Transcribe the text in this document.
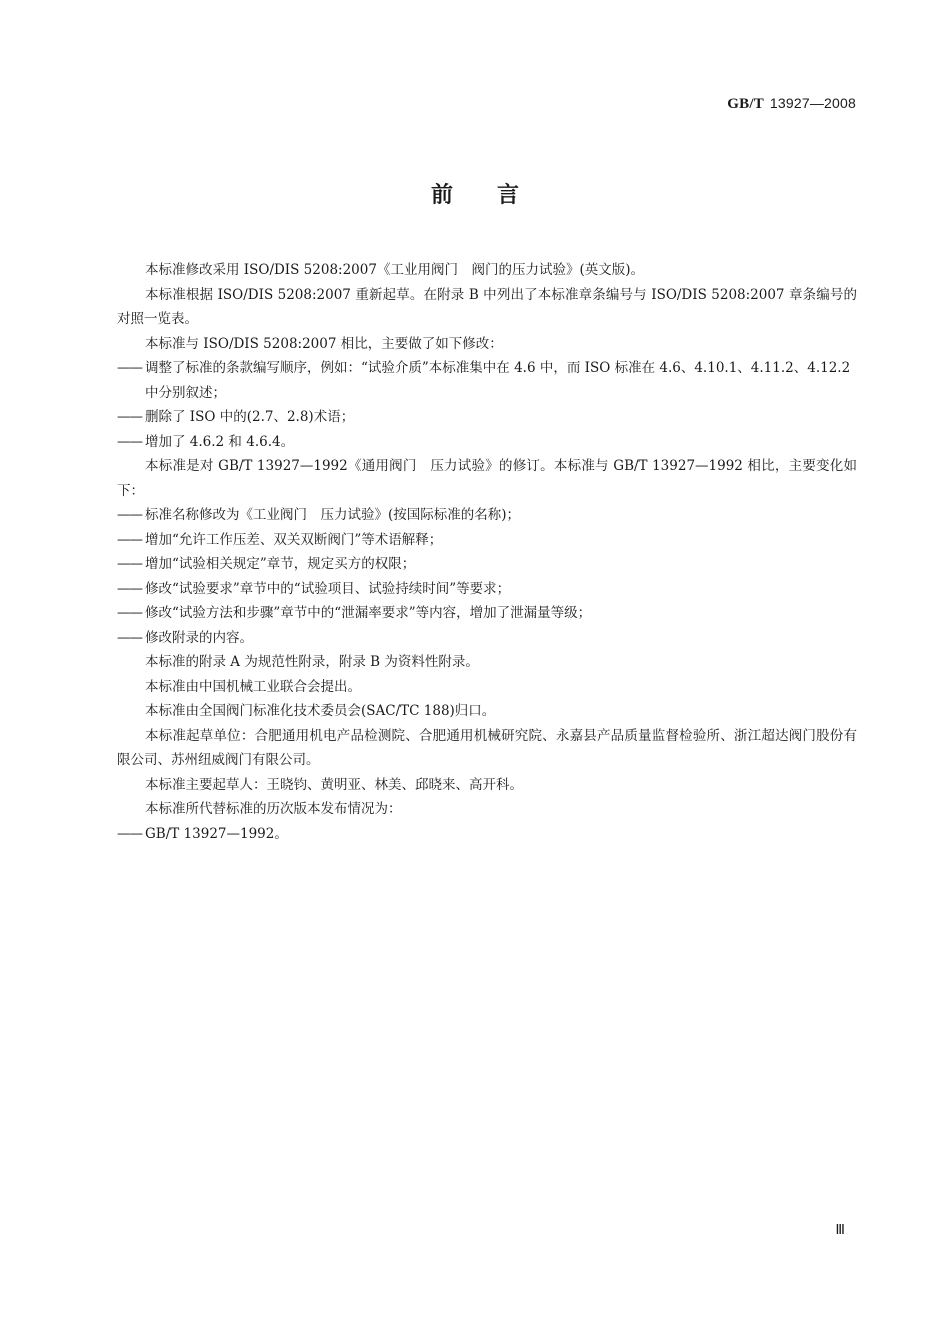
GB/T 13927—2008
前言

本标准修改采用 ISO/DIS 5208:2007《工业用阀门　阀门的压力试验》(英文版)。

本标准根据 ISO/DIS 5208:2007 重新起草。在附录 B 中列出了本标准章条编号与 ISO/DIS 5208:2007 章条编号的对照一览表。

本标准与 ISO/DIS 5208:2007 相比，主要做了如下修改：

—— 调整了标准的条款编写顺序，例如：“试验介质”本标准集中在 4.6 中，而 ISO 标准在 4.6、4.10.1、4.11.2、4.12.2 中分别叙述；

—— 删除了 ISO 中的(2.7、2.8)术语；

—— 增加了 4.6.2 和 4.6.4。

本标准是对 GB/T 13927—1992《通用阀门　压力试验》的修订。本标准与 GB/T 13927—1992 相比，主要变化如下：

—— 标准名称修改为《工业阀门　压力试验》(按国际标准的名称)；

—— 增加“允许工作压差、双关双断阀门”等术语解释；

—— 增加“试验相关规定”章节，规定买方的权限；

—— 修改“试验要求”章节中的“试验项目、试验持续时间”等要求；

—— 修改“试验方法和步骤”章节中的“泄漏率要求”等内容，增加了泄漏量等级；

—— 修改附录的内容。

本标准的附录 A 为规范性附录，附录 B 为资料性附录。

本标准由中国机械工业联合会提出。

本标准由全国阀门标准化技术委员会(SAC/TC 188)归口。

本标准起草单位：合肥通用机电产品检测院、合肥通用机械研究院、永嘉县产品质量监督检验所、浙江超达阀门股份有限公司、苏州纽威阀门有限公司。

本标准主要起草人：王晓钧、黄明亚、林美、邱晓来、高开科。

本标准所代替标准的历次版本发布情况为：

—— GB/T 13927—1992。

Ⅲ
